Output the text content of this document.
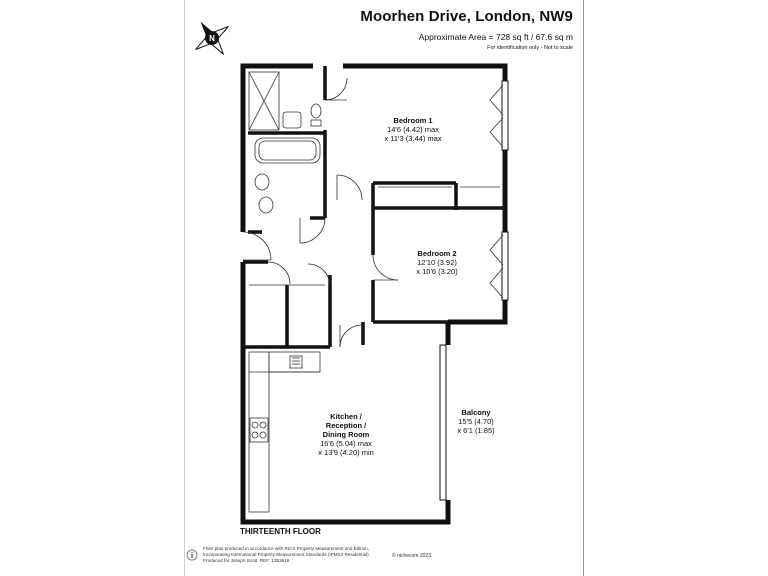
Moorhen Drive, London, NW9
Approximate Area = 728 sq ft / 67.6 sq m
For identification only - Not to scale
N
Bedroom 1
14'6 (4.42) max
x 11'3 (3.44) max
Bedroom 2
12'10 (3.92)
x 10'6 (3.20)
Kitchen /
Reception /
Dining Room
16'6 (5.04) max
x 13'9 (4.20) min
Balcony
15'5 (4.70)
x 6'1 (1.85)
THIRTEENTH FLOOR
Floor plan produced in accordance with RICS Property Measurement 2nd Edition,
Incorporating International Property Measurement Standards (IPMS2 Residential).
Produced for Joseph Scott. REF: 1353618
© nichecom 2023.
